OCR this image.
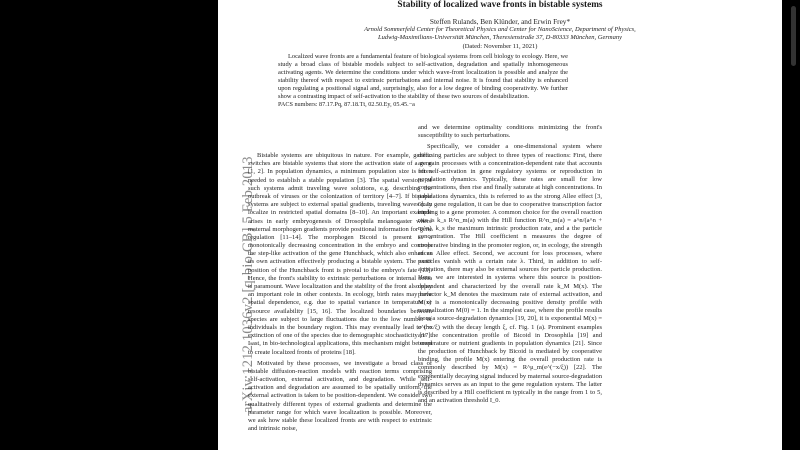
arXiv:1212.1036v2 [q-bio.CB] 5 Feb 2013
Stability of localized wave fronts in bistable systems
Steffen Rulands, Ben Klünder, and Erwin Frey*
Arnold Sommerfeld Center for Theoretical Physics and Center for NanoScience, Department of Physics,
Ludwig-Maximilians-Universität München, Theresienstraße 37, D-80333 München, Germany
(Dated: November 11, 2021)
Localized wave fronts are a fundamental feature of biological systems from cell biology to ecology. Here, we study a broad class of bistable models subject to self-activation, degradation and spatially inhomogeneous activating agents. We determine the conditions under which wave-front localization is possible and analyze the stability thereof with respect to extrinsic perturbations and internal noise. It is found that stability is enhanced upon regulating a positional signal and, surprisingly, also for a low degree of binding cooperativity. We further show a contrasting impact of self-activation to the stability of these two sources of destabilization.
PACS numbers: 87.17.Pq, 87.18.Tt, 02.50.Ey, 05.45.−a

Bistable systems are ubiquitous in nature. For example, genetic switches are bistable systems that store the activation state of a gene [1, 2]. In population dynamics, a minimum population size is often needed to establish a stable population [3]. The spatial versions of such systems admit traveling wave solutions, e.g. describing the outbreak of viruses or the colonization of territory [4–7]. If bistable systems are subject to external spatial gradients, traveling waves may localize in restricted spatial domains [8–10]. An important example arises in early embryogenesis of Drosophila melanogaster where maternal morphogen gradients provide positional information for gene regulation [11–14]. The morphogen Bicoid is present as a monotonically decreasing concentration in the embryo and controls the step-like activation of the gene Hunchback, which also enhances its own activation effectively producing a bistable system. The exact position of the Hunchback front is pivotal to the embryo's fate [13]. Hence, the front's stability to extrinsic perturbations or internal noise is paramount. Wave localization and the stability of the front also play an important role in other contexts. In ecology, birth rates may have spatial dependence, e.g. due to spatial variance in temperature or resource availability [15, 16]. The localized boundaries between species are subject to large fluctuations due to the low number of individuals in the boundary region. This may eventually lead to the extinction of one of the species due to demographic stochasticity [17]. Last, in bio-technological applications, this mechanism might be used to create localized fronts of proteins [18].

Motivated by these processes, we investigate a broad class of bistable diffusion-reaction models with reaction terms comprising self-activation, external activation, and degradation. While self-activation and degradation are assumed to be spatially uniform, the external activation is taken to be position-dependent. We consider two qualitatively different types of external gradients and determine the parameter range for which wave localization is possible. Moreover, we ask how stable these localized fronts are with respect to extrinsic and intrinsic noise,

and we determine optimality conditions minimizing the front's susceptibility to such perturbations.

Specifically, we consider a one-dimensional system where diffusing particles are subject to three types of reactions: First, there are gain processes with a concentration-dependent rate that accounts for self-activation in gene regulatory systems or reproduction in population dynamics. Typically, these rates are small for low concentrations, then rise and finally saturate at high concentrations. In populations dynamics, this is referred to as the strong Allee effect [3, 6]. In gene regulation, it can be due to cooperative transcription factor binding to a gene promoter. A common choice for the overall reaction rate is k_s R^n_m(a) with the Hill function R^n_m(a) = a^n/(a^n + m^n), k_s the maximum intrinsic production rate, and a the particle concentration. The Hill coefficient n measures the degree of cooperative binding in the promoter region, or, in ecology, the strength of an Allee effect. Second, we account for loss processes, where particles vanish with a certain rate λ. Third, in addition to self-activation, there may also be external sources for particle production. Here, we are interested in systems where this source is position-dependent and characterized by the overall rate k_M M(x). The prefactor k_M denotes the maximum rate of external activation, and M(x) is a monotonically decreasing positive density profile with normalization M(0) = 1. In the simplest case, where the profile results from a source-degradation dynamics [19, 20], it is exponential M(x) = e^(−x/ξ) with the decay length ξ, cf. Fig. 1 (a). Prominent examples are the concentration profile of Bicoid in Drosophila [19] and temperature or nutrient gradients in population dynamics [21]. Since the production of Hunchback by Bicoid is mediated by cooperative binding, the profile M(x) entering the overall production rate is commonly described by M(x) = R^μ_m(e^(−x/ξ)) [22]. The exponentially decaying signal induced by maternal source-degradation dynamics serves as an input to the gene regulation system. The latter is described by a Hill coefficient m typically in the range from 1 to 5, and an activation threshold I_0.
